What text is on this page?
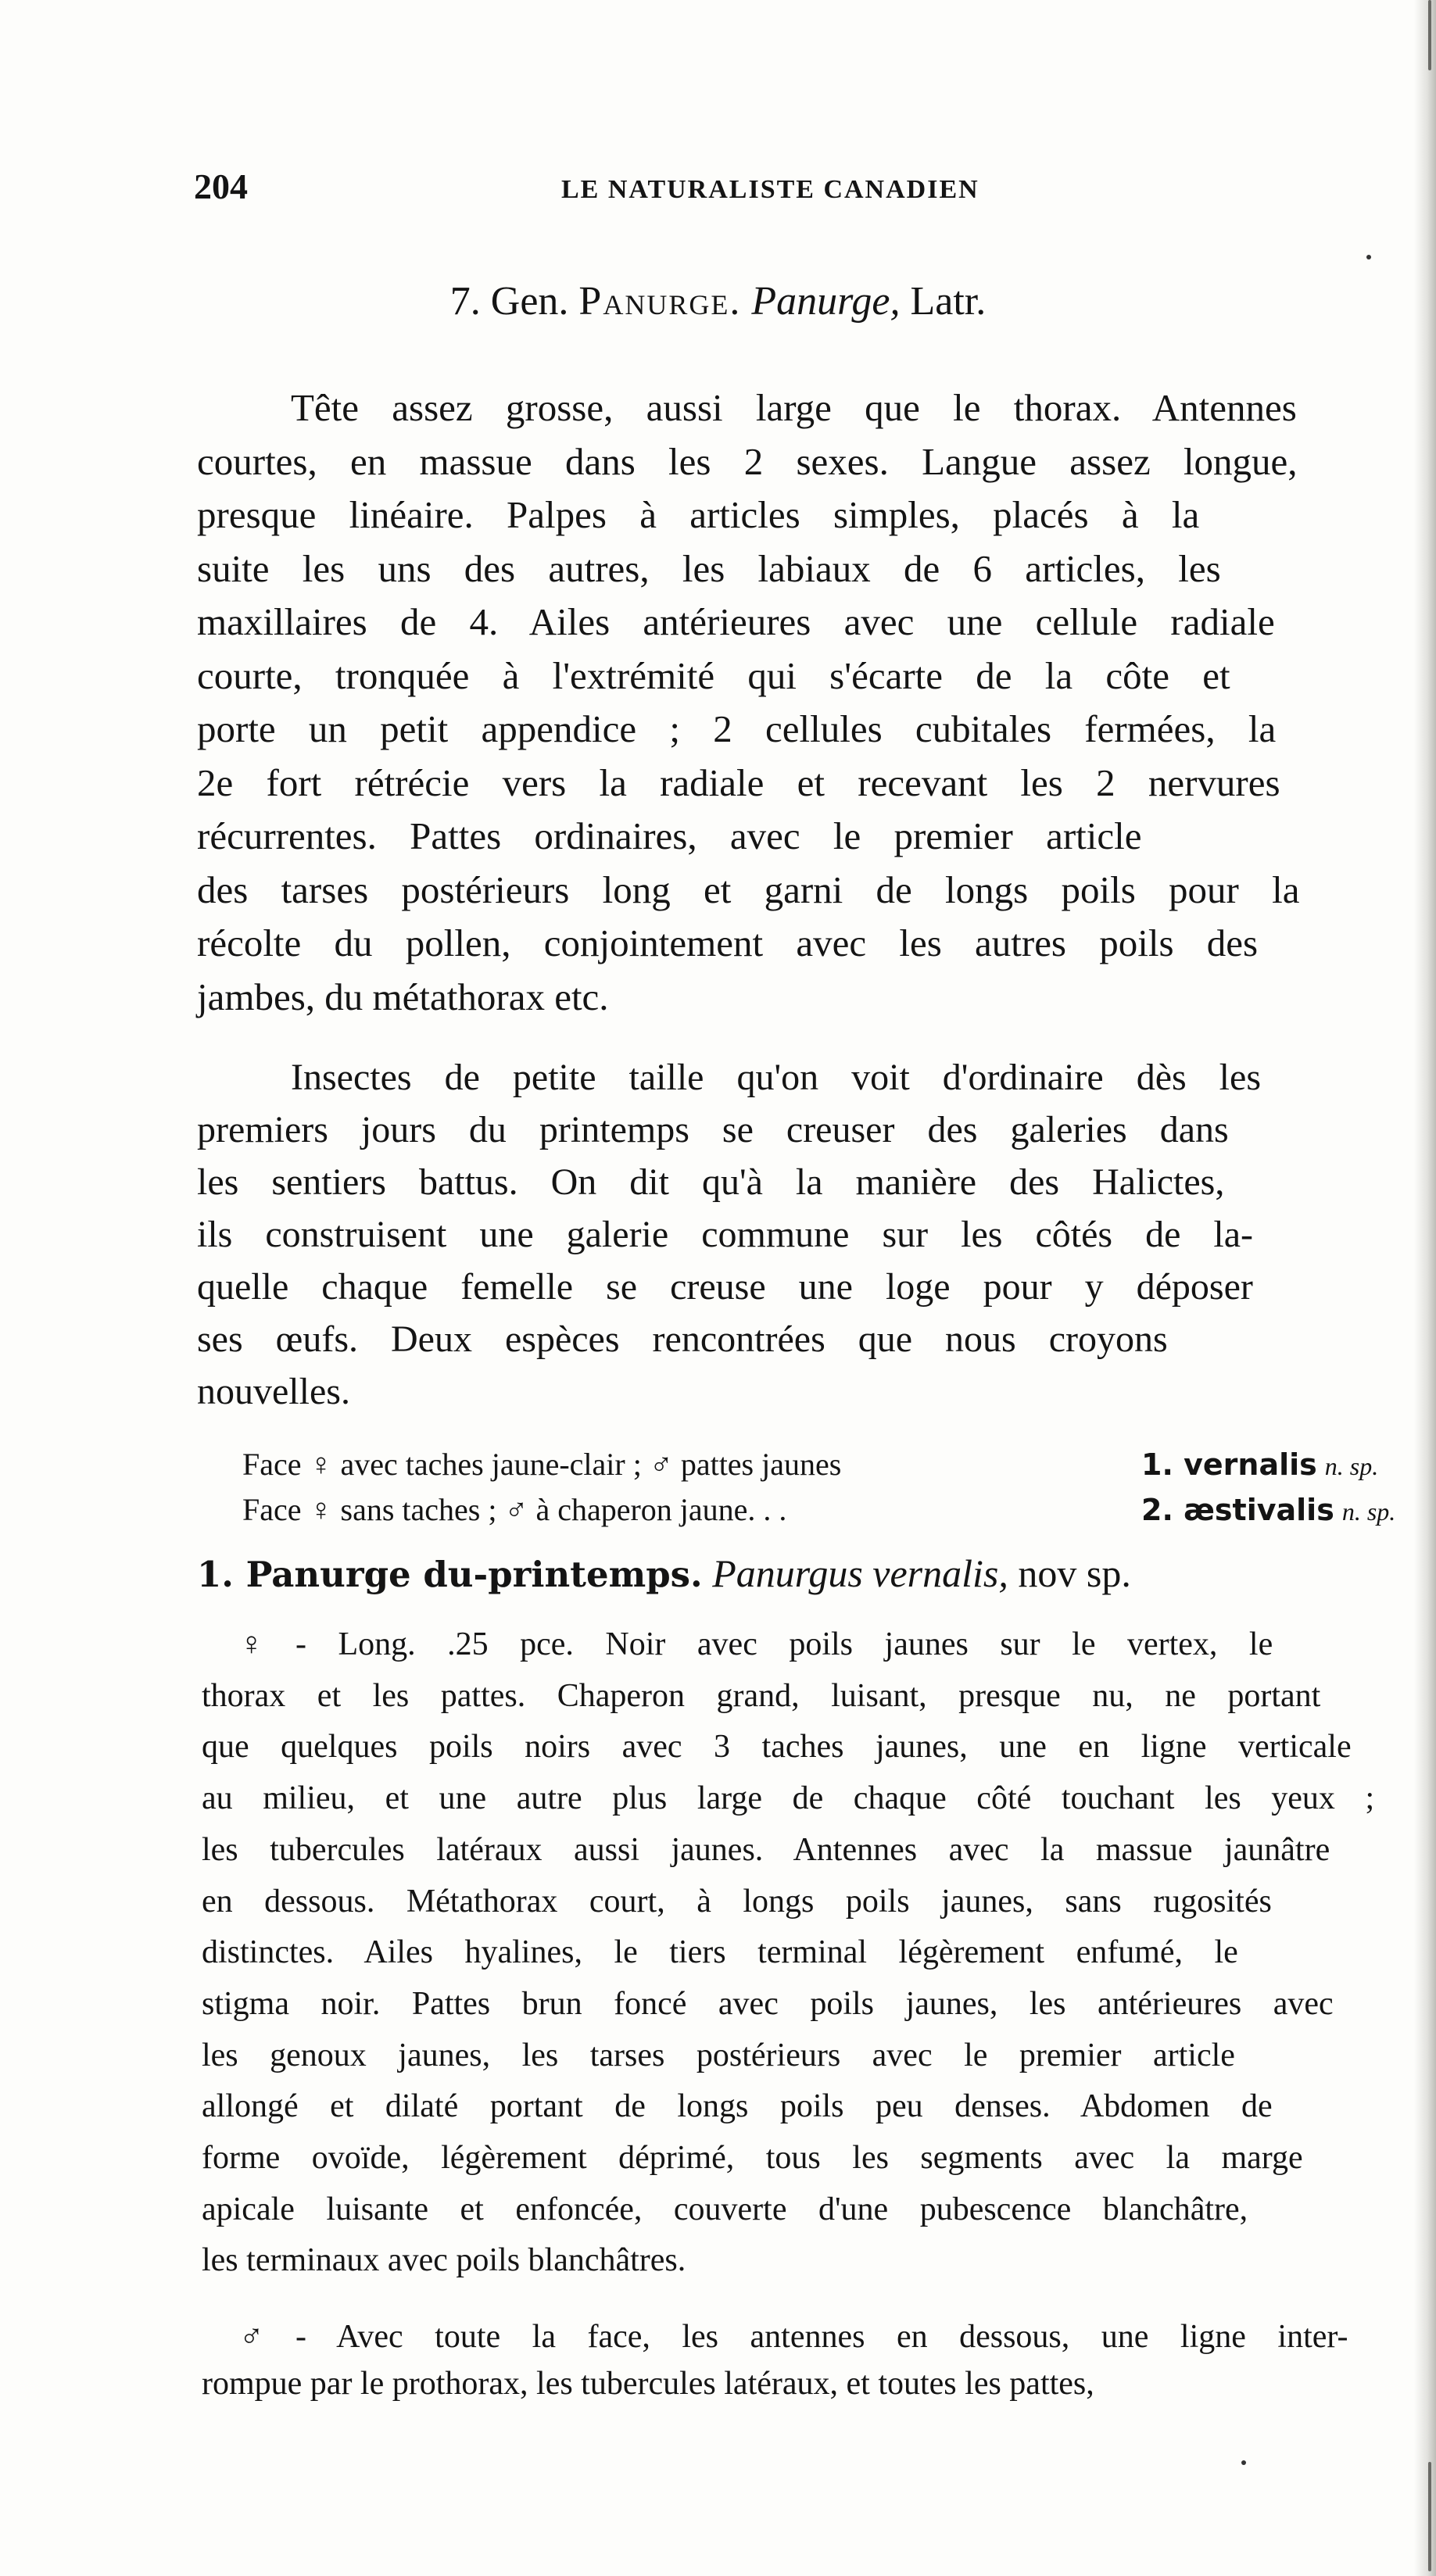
204	LE NATURALISTE CANADIEN
7. Gen. Panurge. Panurge, Latr.
Tête assez grosse, aussi large que le thorax. Antennes
courtes, en massue dans les 2 sexes. Langue assez longue,
presque linéaire. Palpes à articles simples, placés à la
suite les uns des autres, les labiaux de 6 articles, les
maxillaires de 4. Ailes antérieures avec une cellule radiale
courte, tronquée à l'extrémité qui s'écarte de la côte et
porte un petit appendice ; 2 cellules cubitales fermées, la
2e fort rétrécie vers la radiale et recevant les 2 nervures
récurrentes. Pattes ordinaires, avec le premier article
des tarses postérieurs long et garni de longs poils pour la
récolte du pollen, conjointement avec les autres poils des
jambes, du métathorax etc.
Insectes de petite taille qu'on voit d'ordinaire dès les
premiers jours du printemps se creuser des galeries dans
les sentiers battus. On dit qu'à la manière des Halictes,
ils construisent une galerie commune sur les côtés de la-
quelle chaque femelle se creuse une loge pour y déposer
ses œufs. Deux espèces rencontrées que nous croyons
nouvelles.
Face ♀ avec taches jaune-clair ; ♂ pattes jaunes	1. vernalis n. sp.
Face ♀ sans taches ; ♂ à chaperon jaune. . .	2. æstivalis n. sp.
1. Panurge du-printemps. Panurgus vernalis, nov sp.
♀ - Long. .25 pce. Noir avec poils jaunes sur le vertex, le
thorax et les pattes. Chaperon grand, luisant, presque nu, ne portant
que quelques poils noirs avec 3 taches jaunes, une en ligne verticale
au milieu, et une autre plus large de chaque côté touchant les yeux ;
les tubercules latéraux aussi jaunes. Antennes avec la massue jaunâtre
en dessous. Métathorax court, à longs poils jaunes, sans rugosités
distinctes. Ailes hyalines, le tiers terminal légèrement enfumé, le
stigma noir. Pattes brun foncé avec poils jaunes, les antérieures avec
les genoux jaunes, les tarses postérieurs avec le premier article
allongé et dilaté portant de longs poils peu denses. Abdomen de
forme ovoïde, légèrement déprimé, tous les segments avec la marge
apicale luisante et enfoncée, couverte d'une pubescence blanchâtre,
les terminaux avec poils blanchâtres.
♂ - Avec toute la face, les antennes en dessous, une ligne inter-
rompue par le prothorax, les tubercules latéraux, et toutes les pattes,
